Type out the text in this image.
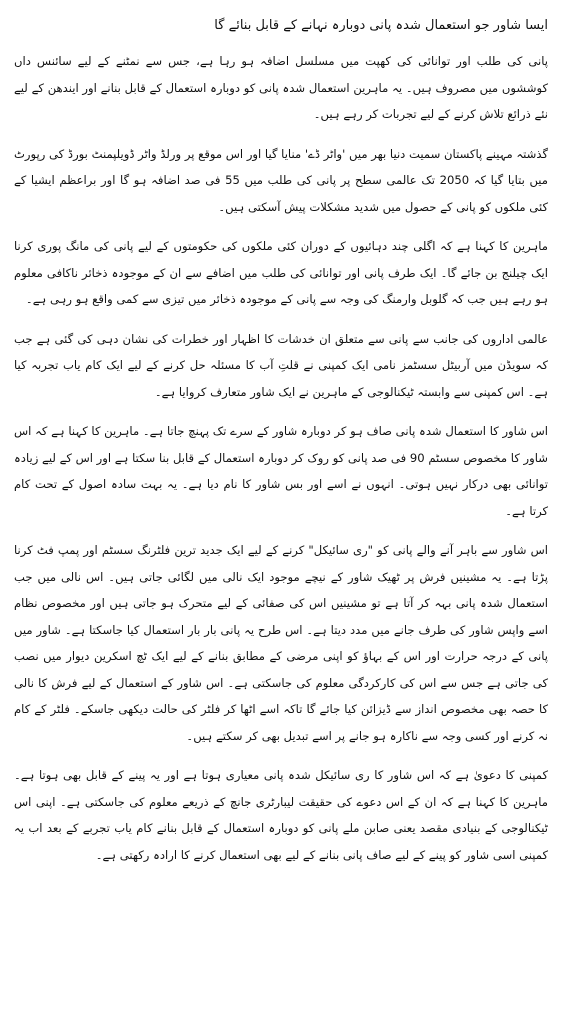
ایسا شاور جو استعمال شدہ پانی دوبارہ نہانے کے قابل بنائے گا

پانی کی طلب اور توانائی کی کھپت میں مسلسل اضافہ ہو رہا ہے، جس سے نمٹنے کے لیے سائنس داں کوششوں میں مصروف ہیں۔ یہ ماہرین استعمال شدہ پانی کو دوبارہ استعمال کے قابل بنانے اور ایندھن کے لیے نئے ذرائع تلاش کرنے کے لیے تجربات کر رہے ہیں۔

گذشتہ مہینے پاکستان سمیت دنیا بھر میں 'واٹر ڈے' منایا گیا اور اس موقع پر ورلڈ واٹر ڈویلپمنٹ بورڈ کی رپورٹ میں بتایا گیا کہ 2050 تک عالمی سطح پر پانی کی طلب میں 55 فی صد اضافہ ہو گا اور براعظم ایشیا کے کئی ملکوں کو پانی کے حصول میں شدید مشکلات پیش آسکتی ہیں۔

ماہرین کا کہنا ہے کہ اگلی چند دہائیوں کے دوران کئی ملکوں کی حکومتوں کے لیے پانی کی مانگ پوری کرنا ایک چیلنج بن جائے گا۔ ایک طرف پانی اور توانائی کی طلب میں اضافے سے ان کے موجودہ ذخائر ناکافی معلوم ہو رہے ہیں جب کہ گلوبل وارمنگ کی وجہ سے پانی کے موجودہ ذخائر میں تیزی سے کمی واقع ہو رہی ہے۔

عالمی اداروں کی جانب سے پانی سے متعلق ان خدشات کا اظہار اور خطرات کی نشان دہی کی گئی ہے جب کہ سویڈن میں آربیٹل سسٹمز نامی ایک کمپنی نے قلتِ آب کا مسئلہ حل کرنے کے لیے ایک کام یاب تجربہ کیا ہے۔ اس کمپنی سے وابستہ ٹیکنالوجی کے ماہرین نے ایک شاور متعارف کروایا ہے۔

اس شاور کا استعمال شدہ پانی صاف ہو کر دوبارہ شاور کے سرے تک پہنچ جاتا ہے۔ ماہرین کا کہنا ہے کہ اس شاور کا مخصوص سسٹم 90 فی صد پانی کو روک کر دوبارہ استعمال کے قابل بنا سکتا ہے اور اس کے لیے زیادہ توانائی بھی درکار نہیں ہوتی۔ انہوں نے اسے اور بس شاور کا نام دیا ہے۔ یہ بہت سادہ اصول کے تحت کام کرتا ہے۔

اس شاور سے باہر آنے والے پانی کو "ری سائیکل" کرنے کے لیے ایک جدید ترین فلٹرنگ سسٹم اور پمپ فٹ کرنا پڑتا ہے۔ یہ مشینیں فرش پر ٹھیک شاور کے نیچے موجود ایک نالی میں لگائی جاتی ہیں۔ اس نالی میں جب استعمال شدہ پانی بہہ کر آتا ہے تو مشینیں اس کی صفائی کے لیے متحرک ہو جاتی ہیں اور مخصوص نظام اسے واپس شاور کی طرف جانے میں مدد دیتا ہے۔ اس طرح یہ پانی بار بار استعمال کیا جاسکتا ہے۔ شاور میں پانی کے درجہ حرارت اور اس کے بہاؤ کو اپنی مرضی کے مطابق بنانے کے لیے ایک ٹچ اسکرین دیوار میں نصب کی جاتی ہے جس سے اس کی کارکردگی معلوم کی جاسکتی ہے۔ اس شاور کے استعمال کے لیے فرش کا نالی کا حصہ بھی مخصوص انداز سے ڈیزائن کیا جائے گا تاکہ اسے اٹھا کر فلٹر کی حالت دیکھی جاسکے۔ فلٹر کے کام نہ کرنے اور کسی وجہ سے ناکارہ ہو جانے پر اسے تبدیل بھی کر سکتے ہیں۔

کمپنی کا دعویٰ ہے کہ اس شاور کا ری سائیکل شدہ پانی معیاری ہوتا ہے اور یہ پینے کے قابل بھی ہوتا ہے۔ ماہرین کا کہنا ہے کہ ان کے اس دعوے کی حقیقت لیبارٹری جانچ کے ذریعے معلوم کی جاسکتی ہے۔ اپنی اس ٹیکنالوجی کے بنیادی مقصد یعنی صابن ملے پانی کو دوبارہ استعمال کے قابل بنانے کام یاب تجربے کے بعد اب یہ کمپنی اسی شاور کو پینے کے لیے صاف پانی بنانے کے لیے بھی استعمال کرنے کا ارادہ رکھتی ہے۔
